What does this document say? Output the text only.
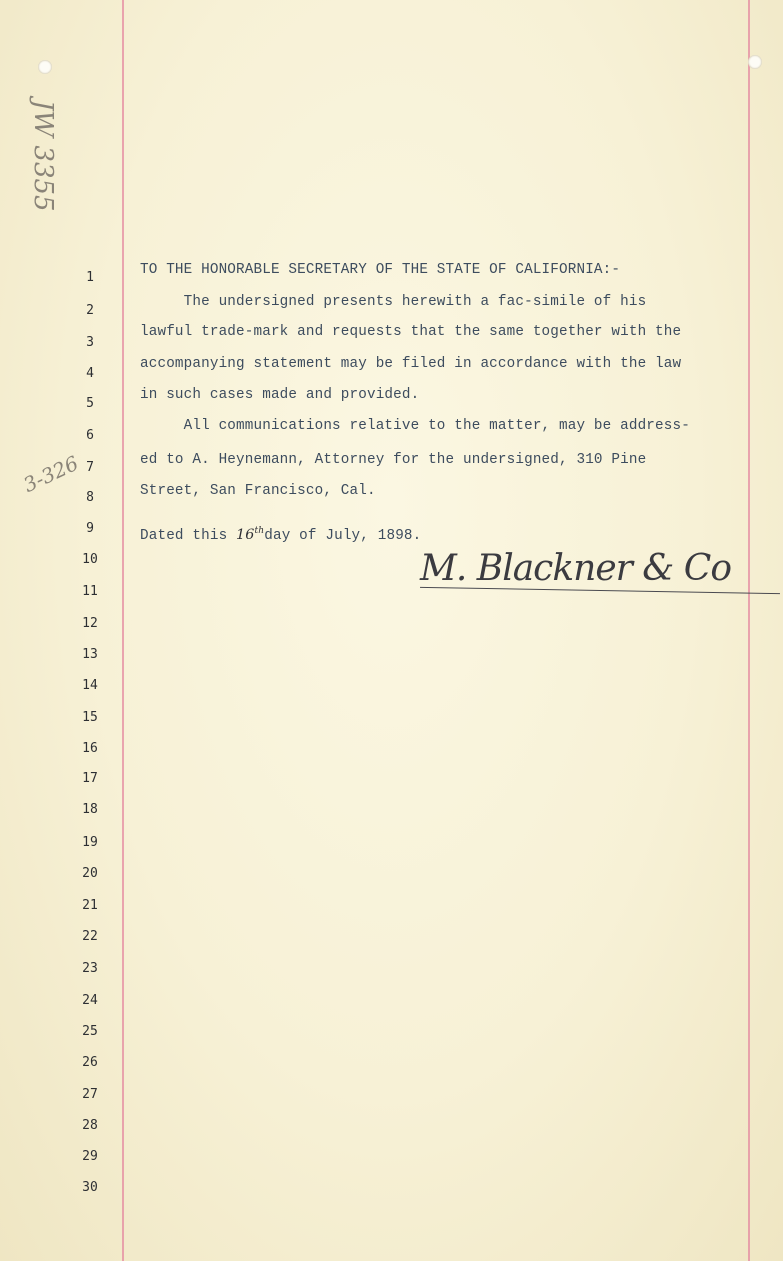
JW 3355
3-326
1
2
3
4
5
6
7
8
9
10
11
12
13
14
15
16
17
18
19
20
21
22
23
24
25
26
27
28
29
30
TO THE HONORABLE SECRETARY OF THE STATE OF CALIFORNIA:-
The undersigned presents herewith a fac-simile of his
lawful trade-mark and requests that the same together with the
accompanying statement may be filed in accordance with the law
in such cases made and provided.
All communications relative to the matter, may be address-
ed to A. Heynemann, Attorney for the undersigned, 310 Pine
Street, San Francisco, Cal.
Dated this 16thday of July, 1898.
M. Blackner & Co
